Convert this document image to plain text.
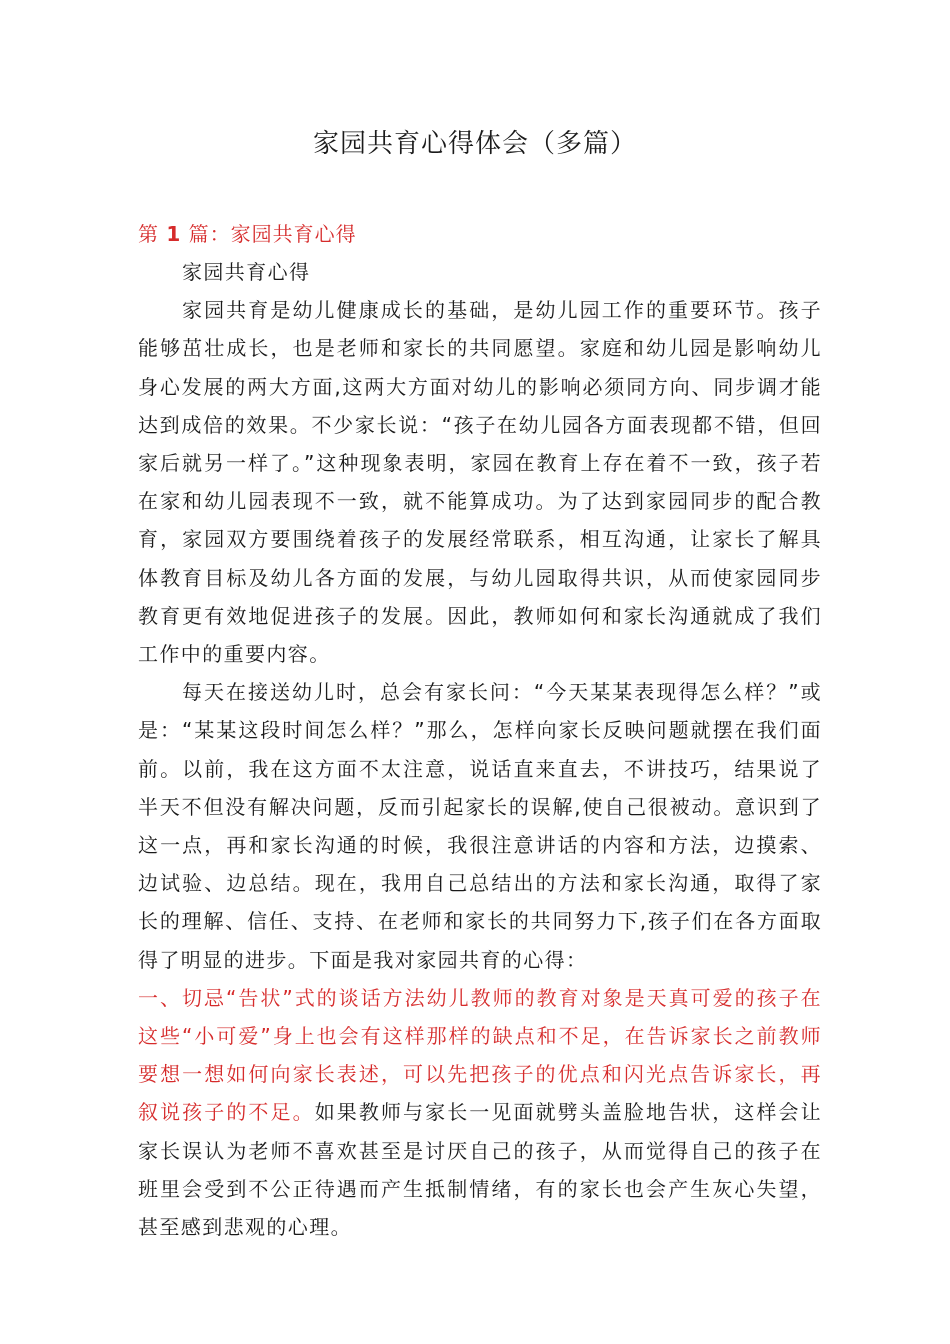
家园共育心得体会（多篇）
第 1 篇：家园共育心得

家园共育心得

家园共育是幼儿健康成长的基础，是幼儿园工作的重要环节。孩子能够茁壮成长，也是老师和家长的共同愿望。家庭和幼儿园是影响幼儿身心发展的两大方面,这两大方面对幼儿的影响必须同方向、同步调才能达到成倍的效果。不少家长说：“孩子在幼儿园各方面表现都不错，但回家后就另一样了。”这种现象表明，家园在教育上存在着不一致，孩子若在家和幼儿园表现不一致，就不能算成功。为了达到家园同步的配合教育，家园双方要围绕着孩子的发展经常联系，相互沟通，让家长了解具体教育目标及幼儿各方面的发展，与幼儿园取得共识，从而使家园同步教育更有效地促进孩子的发展。因此，教师如何和家长沟通就成了我们工作中的重要内容。

每天在接送幼儿时，总会有家长问：“今天某某表现得怎么样？”或是：“某某这段时间怎么样？”那么，怎样向家长反映问题就摆在我们面前。以前，我在这方面不太注意，说话直来直去，不讲技巧，结果说了半天不但没有解决问题，反而引起家长的误解,使自己很被动。意识到了这一点，再和家长沟通的时候，我很注意讲话的内容和方法，边摸索、边试验、边总结。现在，我用自己总结出的方法和家长沟通，取得了家长的理解、信任、支持、在老师和家长的共同努力下,孩子们在各方面取得了明显的进步。下面是我对家园共育的心得：

一、切忌“告状”式的谈话方法幼儿教师的教育对象是天真可爱的孩子在这些“小可爱”身上也会有这样那样的缺点和不足，在告诉家长之前教师要想一想如何向家长表述，可以先把孩子的优点和闪光点告诉家长，再叙说孩子的不足。如果教师与家长一见面就劈头盖脸地告状，这样会让家长误认为老师不喜欢甚至是讨厌自己的孩子，从而觉得自己的孩子在班里会受到不公正待遇而产生抵制情绪，有的家长也会产生灰心失望，甚至感到悲观的心理。
